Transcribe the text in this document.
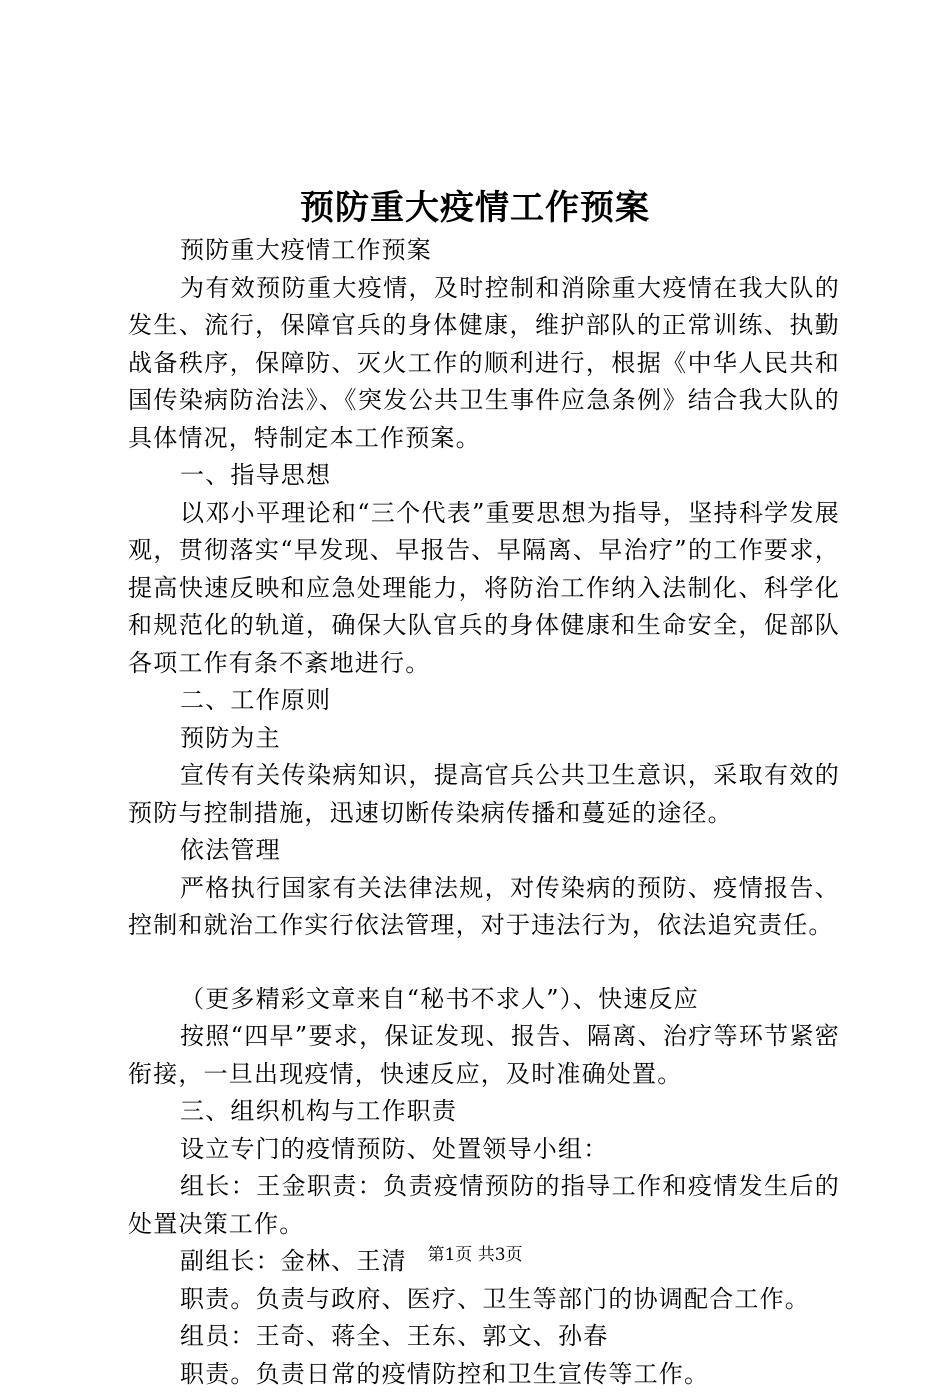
预防重大疫情工作预案

预防重大疫情工作预案

为有效预防重大疫情，及时控制和消除重大疫情在我大队的发生、流行，保障官兵的身体健康，维护部队的正常训练、执勤战备秩序，保障防、灭火工作的顺利进行，根据《中华人民共和国传染病防治法》、《突发公共卫生事件应急条例》结合我大队的具体情况，特制定本工作预案。

一、指导思想

以邓小平理论和“三个代表”重要思想为指导，坚持科学发展观，贯彻落实“早发现、早报告、早隔离、早治疗”的工作要求，提高快速反映和应急处理能力，将防治工作纳入法制化、科学化和规范化的轨道，确保大队官兵的身体健康和生命安全，促部队各项工作有条不紊地进行。

二、工作原则

预防为主

宣传有关传染病知识，提高官兵公共卫生意识，采取有效的预防与控制措施，迅速切断传染病传播和蔓延的途径。

依法管理

严格执行国家有关法律法规，对传染病的预防、疫情报告、控制和就治工作实行依法管理，对于违法行为，依法追究责任。

（更多精彩文章来自“秘书不求人”）、快速反应

按照“四早”要求，保证发现、报告、隔离、治疗等环节紧密衔接，一旦出现疫情，快速反应，及时准确处置。

三、组织机构与工作职责

设立专门的疫情预防、处置领导小组：

组长：王金职责：负责疫情预防的指导工作和疫情发生后的处置决策工作。

副组长：金林、王清

职责。负责与政府、医疗、卫生等部门的协调配合工作。

组员：王奇、蒋全、王东、郭文、孙春

职责。负责日常的疫情防控和卫生宣传等工作。

第1页 共3页
